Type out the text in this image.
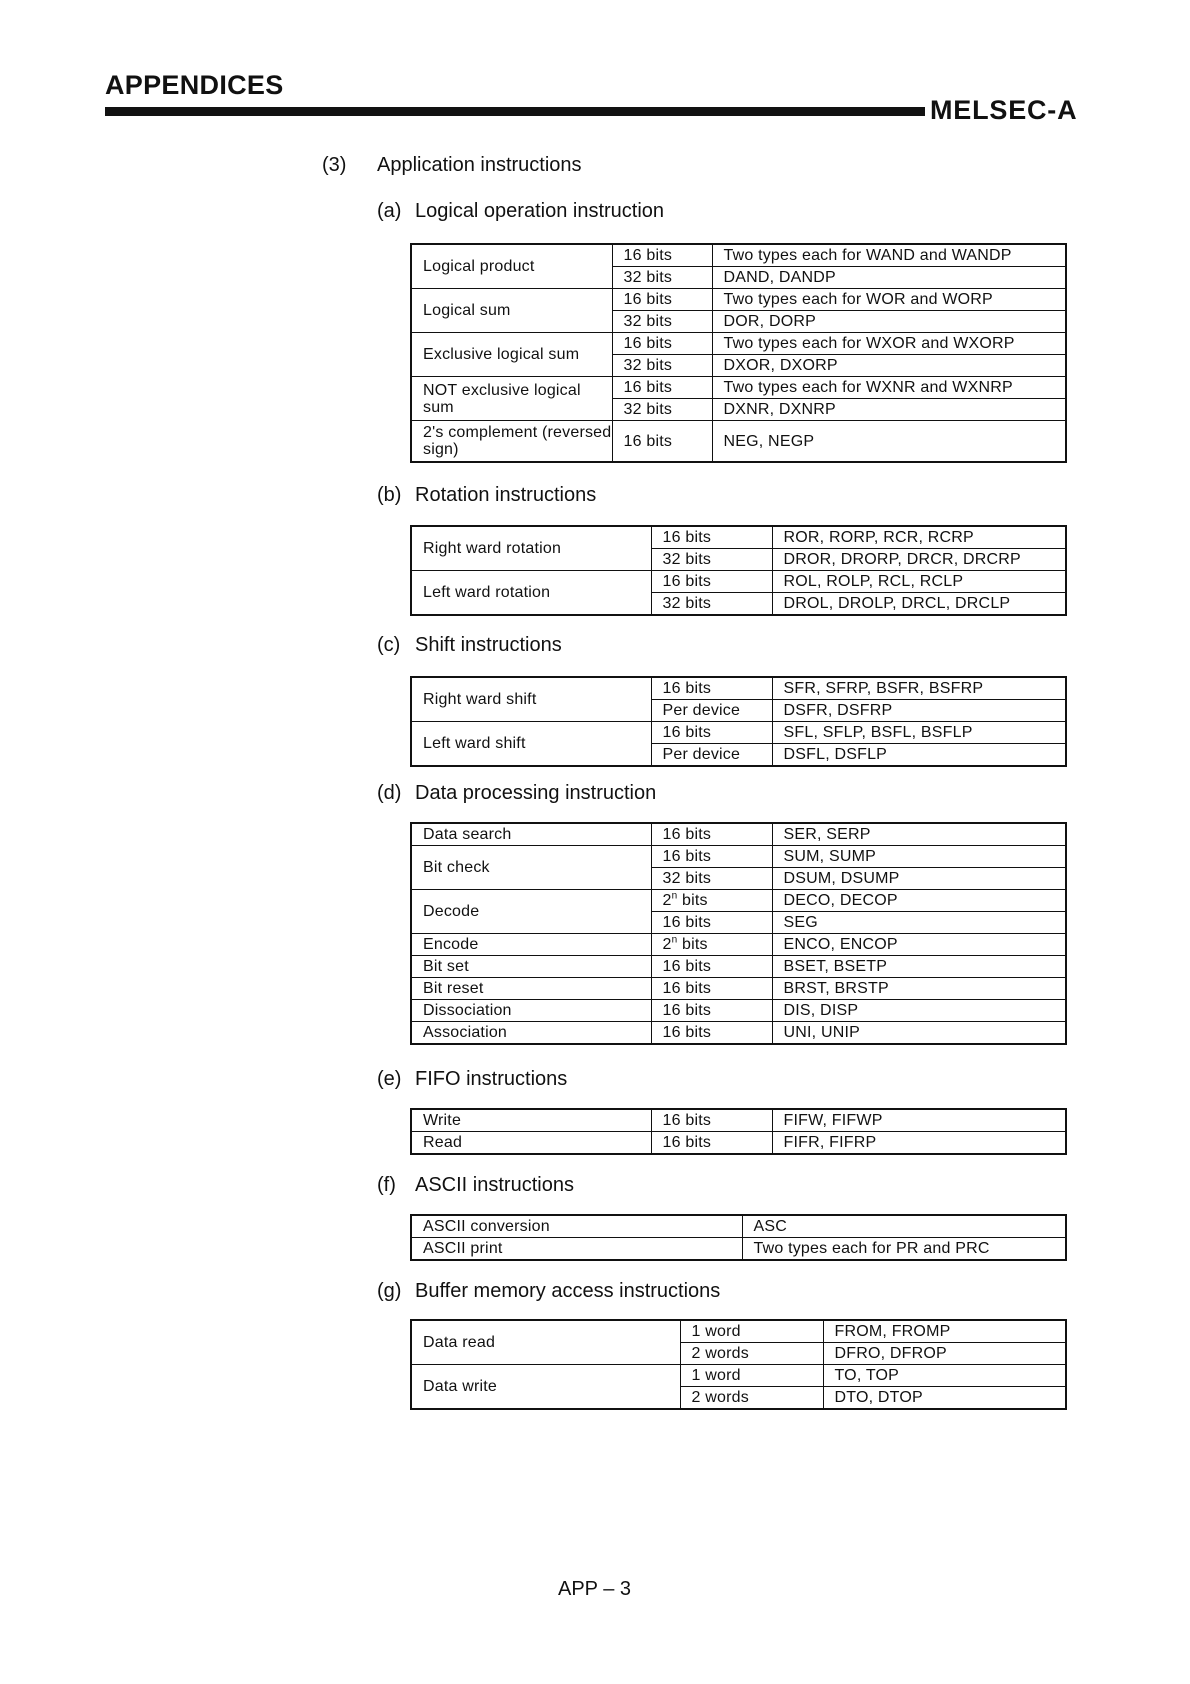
APPENDICES
MELSEC-A
(3) Application instructions
(a) Logical operation instruction
Logical product	16 bits	Two types each for WAND and WANDP
	32 bits	DAND, DANDP
Logical sum	16 bits	Two types each for WOR and WORP
	32 bits	DOR, DORP
Exclusive logical sum	16 bits	Two types each for WXOR and WXORP
	32 bits	DXOR, DXORP
NOT exclusive logical sum	16 bits	Two types each for WXNR and WXNRP
	32 bits	DXNR, DXNRP
2's complement (reversed sign)	16 bits	NEG, NEGP
(b) Rotation instructions
Right ward rotation	16 bits	ROR, RORP, RCR, RCRP
	32 bits	DROR, DRORP, DRCR, DRCRP
Left ward rotation	16 bits	ROL, ROLP, RCL, RCLP
	32 bits	DROL, DROLP, DRCL, DRCLP
(c) Shift instructions
Right ward shift	16 bits	SFR, SFRP, BSFR, BSFRP
	Per device	DSFR, DSFRP
Left ward shift	16 bits	SFL, SFLP, BSFL, BSFLP
	Per device	DSFL, DSFLP
(d) Data processing instruction
Data search	16 bits	SER, SERP
Bit check	16 bits	SUM, SUMP
	32 bits	DSUM, DSUMP
Decode	2$^n$ bits	DECO, DECOP
	16 bits	SEG
Encode	2$^n$ bits	ENCO, ENCOP
Bit set	16 bits	BSET, BSETP
Bit reset	16 bits	BRST, BRSTP
Dissociation	16 bits	DIS, DISP
Association	16 bits	UNI, UNIP
(e) FIFO instructions
Write	16 bits	FIFW, FIFWP
Read	16 bits	FIFR, FIFRP
(f) ASCII instructions
ASCII conversion	ASC
ASCII print	Two types each for PR and PRC
(g) Buffer memory access instructions
Data read	1 word	FROM, FROMP
	2 words	DFRO, DFROP
Data write	1 word	TO, TOP
	2 words	DTO, DTOP
APP – 3
